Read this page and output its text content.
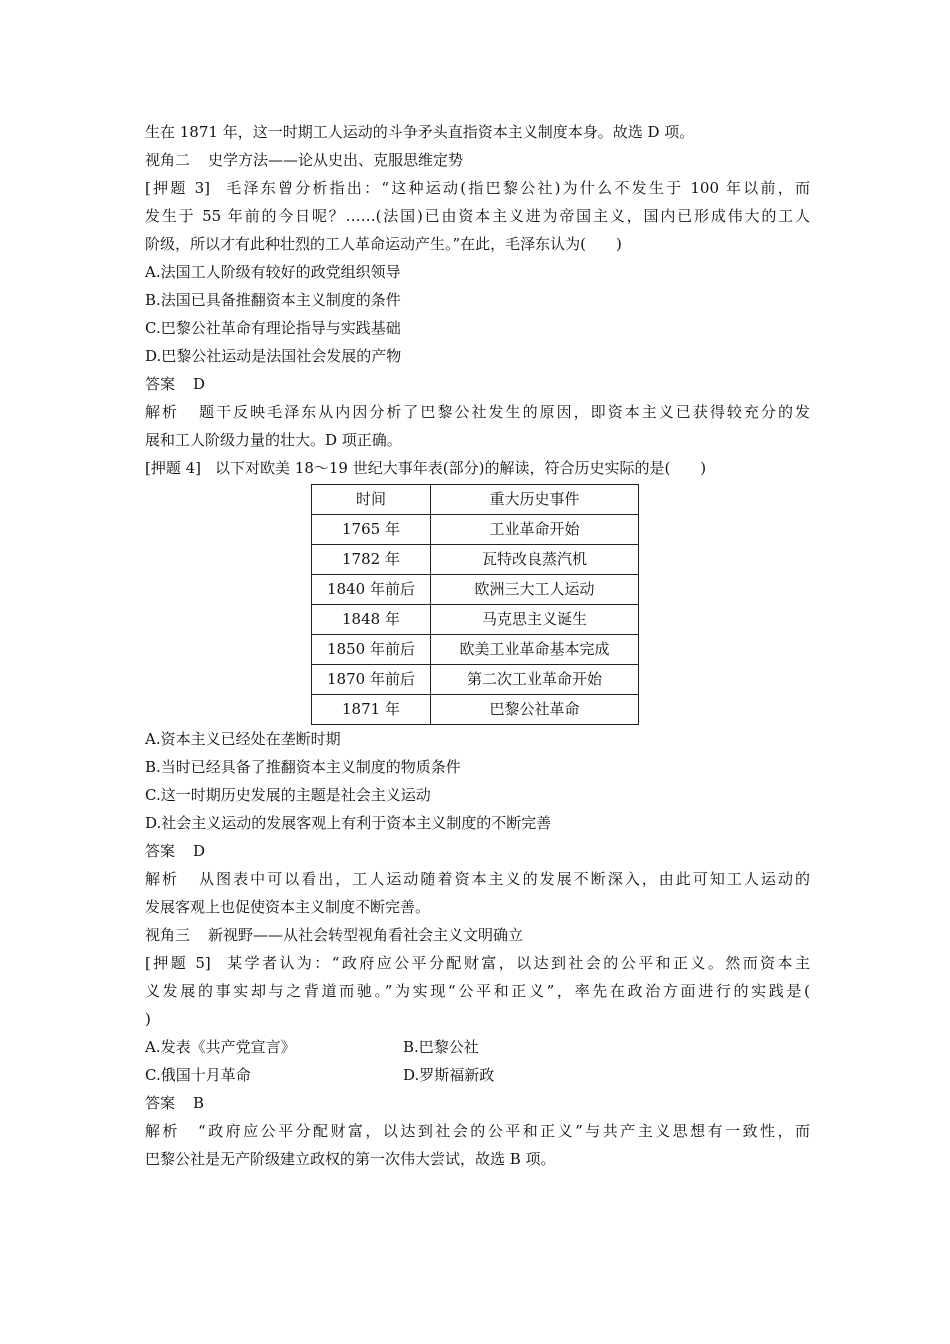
生在 1871 年，这一时期工人运动的斗争矛头直指资本主义制度本身。故选 D 项。
视角二 史学方法——论从史出、克服思维定势
[押题 3] 毛泽东曾分析指出：“这种运动(指巴黎公社)为什么不发生于 100 年以前，而
发生于 55 年前的今日呢？……(法国)已由资本主义进为帝国主义，国内已形成伟大的工人
阶级，所以才有此种壮烈的工人革命运动产生。”在此，毛泽东认为(　　)
A.法国工人阶级有较好的政党组织领导
B.法国已具备推翻资本主义制度的条件
C.巴黎公社革命有理论指导与实践基础
D.巴黎公社运动是法国社会发展的产物
答案 D
解析 题干反映毛泽东从内因分析了巴黎公社发生的原因，即资本主义已获得较充分的发
展和工人阶级力量的壮大。D 项正确。
[押题 4] 以下对欧美 18～19 世纪大事年表(部分)的解读，符合历史实际的是(　　)
时间	重大历史事件
1765 年	工业革命开始
1782 年	瓦特改良蒸汽机
1840 年前后	欧洲三大工人运动
1848 年	马克思主义诞生
1850 年前后	欧美工业革命基本完成
1870 年前后	第二次工业革命开始
1871 年	巴黎公社革命
A.资本主义已经处在垄断时期
B.当时已经具备了推翻资本主义制度的物质条件
C.这一时期历史发展的主题是社会主义运动
D.社会主义运动的发展客观上有利于资本主义制度的不断完善
答案 D
解析 从图表中可以看出，工人运动随着资本主义的发展不断深入，由此可知工人运动的
发展客观上也促使资本主义制度不断完善。
视角三 新视野——从社会转型视角看社会主义文明确立
[押题 5] 某学者认为：“政府应公平分配财富，以达到社会的公平和正义。然而资本主
义发展的事实却与之背道而驰。”为实现“公平和正义”，率先在政治方面进行的实践是(
)
A.发表《共产党宣言》	B.巴黎公社
C.俄国十月革命	D.罗斯福新政
答案 B
解析 “政府应公平分配财富，以达到社会的公平和正义”与共产主义思想有一致性，而
巴黎公社是无产阶级建立政权的第一次伟大尝试，故选 B 项。
